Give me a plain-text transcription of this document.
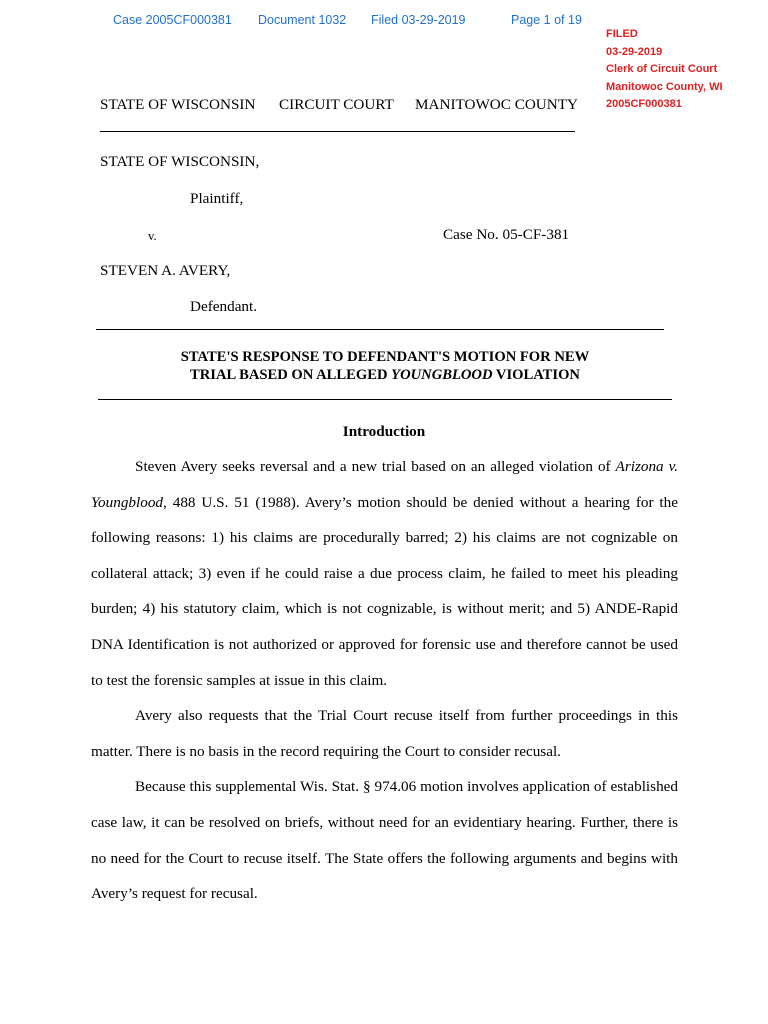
Case 2005CF000381 Document 1032 Filed 03-29-2019	Page 1 of 19
FILED
03-29-2019
Clerk of Circuit Court
Manitowoc County, WI
2005CF000381
STATE OF WISCONSIN CIRCUIT COURT MANITOWOC COUNTY
STATE OF WISCONSIN,
Plaintiff,
v.	Case No. 05-CF-381
STEVEN A. AVERY,
Defendant.
STATE'S RESPONSE TO DEFENDANT'S MOTION FOR NEW
TRIAL BASED ON ALLEGED YOUNGBLOOD VIOLATION
Introduction

Steven Avery seeks reversal and a new trial based on an alleged violation of Arizona v. Youngblood, 488 U.S. 51 (1988). Avery’s motion should be denied without a hearing for the following reasons: 1) his claims are procedurally barred; 2) his claims are not cognizable on collateral attack; 3) even if he could raise a due process claim, he failed to meet his pleading burden; 4) his statutory claim, which is not cognizable, is without merit; and 5) ANDE-Rapid DNA Identification is not authorized or approved for forensic use and therefore cannot be used to test the forensic samples at issue in this claim.

Avery also requests that the Trial Court recuse itself from further proceedings in this matter. There is no basis in the record requiring the Court to consider recusal.

Because this supplemental Wis. Stat. § 974.06 motion involves application of established case law, it can be resolved on briefs, without need for an evidentiary hearing. Further, there is no need for the Court to recuse itself. The State offers the following arguments and begins with Avery’s request for recusal.
